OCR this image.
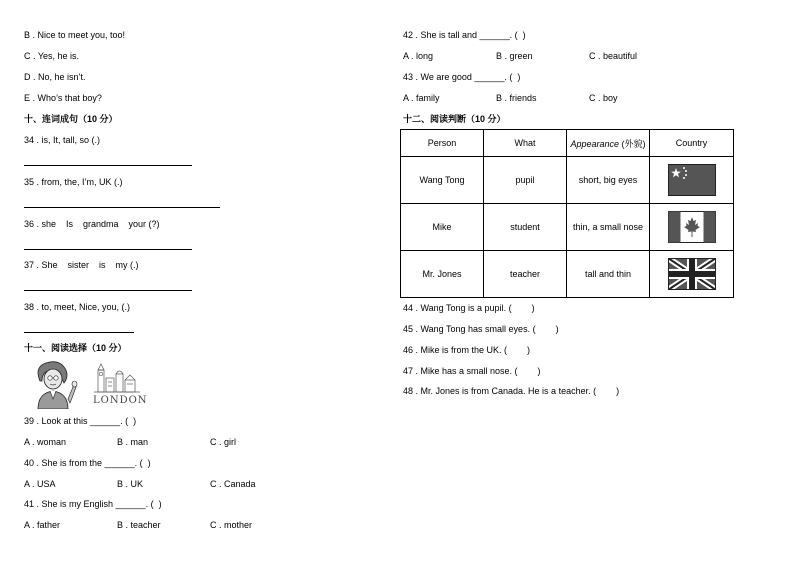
B . Nice to meet you, too!
C . Yes, he is.
D . No, he isn’t.
E . Who’s that boy?
十、连词成句（10 分）
34 . is, It, tall, so (.)
35 . from, the, I’m, UK (.)
36 . she    Is    grandma    your (?)
37 . She    sister    is    my (.)
38 . to, meet, Nice, you, (.)
十一、阅读选择（10 分）
LONDON
39 . Look at this ______. (  )
A . woman	B . man	C . girl
40 . She is from the ______. (  )
A . USA	B . UK	C . Canada
41 . She is my English ______. (  )
A . father	B . teacher	C . mother
42 . She is tall and ______. (  )
A . long	B . green	C . beautiful
43 . We are good ______. (  )
A . family	B . friends	C . boy
十二、阅读判断（10 分）
Person	What	Appearance (外貌)	Country
Wang Tong	pupil	short, big eyes	
Mike	student	thin, a small nose	
Mr. Jones	teacher	tall and thin	
44 . Wang Tong is a pupil. (        )
45 . Wang Tong has small eyes. (        )
46 . Mike is from the UK. (        )
47 . Mike has a small nose. (        )
48 . Mr. Jones is from Canada. He is a teacher. (        )
